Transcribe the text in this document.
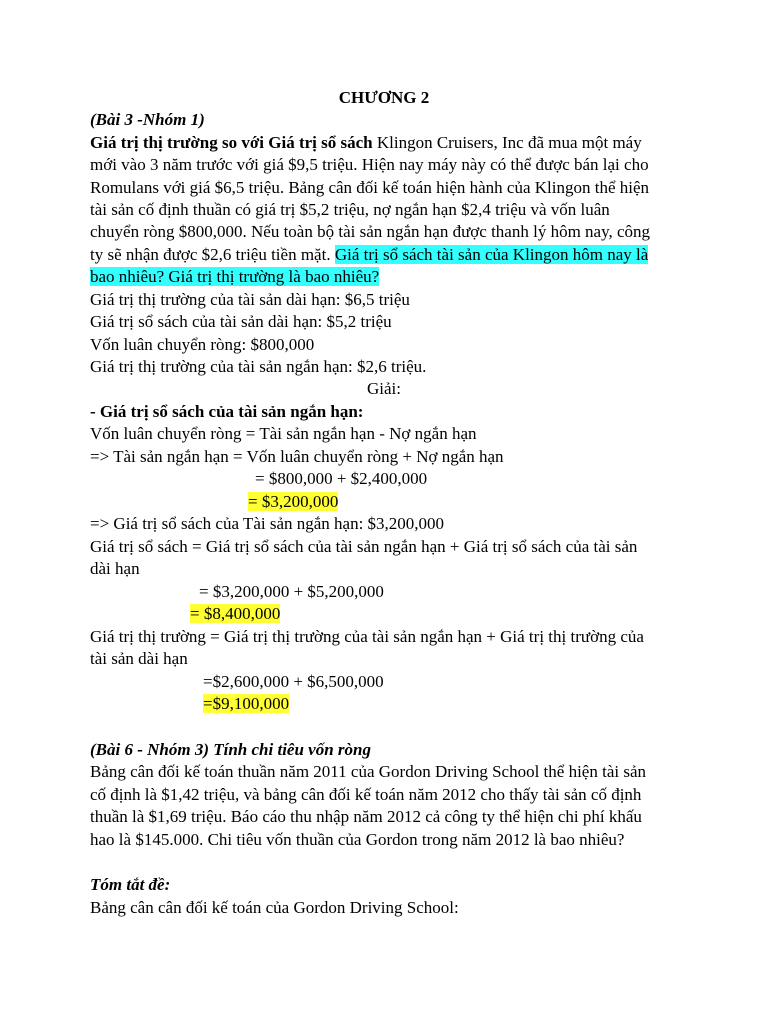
CHƯƠNG 2
(Bài 3 -Nhóm 1)
Giá trị thị trường so với Giá trị sổ sách Klingon Cruisers, Inc đã mua một máy
mới vào 3 năm trước với giá $9,5 triệu. Hiện nay máy này có thể được bán lại cho
Romulans với giá $6,5 triệu. Bảng cân đối kế toán hiện hành của Klingon thể hiện
tài sản cố định thuần có giá trị $5,2 triệu, nợ ngắn hạn $2,4 triệu và vốn luân
chuyển ròng $800,000. Nếu toàn bộ tài sản ngắn hạn được thanh lý hôm nay, công
ty sẽ nhận được $2,6 triệu tiền mặt. Giá trị sổ sách tài sản của Klingon hôm nay là
bao nhiêu? Giá trị thị trường là bao nhiêu?
Giá trị thị trường của tài sản dài hạn: $6,5 triệu
Giá trị sổ sách của tài sản dài hạn: $5,2 triệu
Vốn luân chuyển ròng: $800,000
Giá trị thị trường của tài sản ngắn hạn: $2,6 triệu.
Giải:
- Giá trị sổ sách của tài sản ngắn hạn:
Vốn luân chuyển ròng = Tài sản ngắn hạn - Nợ ngắn hạn
=> Tài sản ngắn hạn = Vốn luân chuyển ròng + Nợ ngắn hạn
= $800,000 + $2,400,000
= $3,200,000
=> Giá trị sổ sách của Tài sản ngắn hạn: $3,200,000
Giá trị sổ sách = Giá trị sổ sách của tài sản ngắn hạn + Giá trị sổ sách của tài sản
dài hạn
= $3,200,000 + $5,200,000
= $8,400,000
Giá trị thị trường = Giá trị thị trường của tài sản ngắn hạn + Giá trị thị trường của
tài sản dài hạn
=$2,600,000 + $6,500,000
=$9,100,000
(Bài 6 - Nhóm 3) Tính chi tiêu vốn ròng
Bảng cân đối kế toán thuần năm 2011 của Gordon Driving School thể hiện tài sản
cố định là $1,42 triệu, và bảng cân đối kế toán năm 2012 cho thấy tài sản cố định
thuần là $1,69 triệu. Báo cáo thu nhập năm 2012 cả công ty thể hiện chi phí khấu
hao là $145.000. Chi tiêu vốn thuần của Gordon trong năm 2012 là bao nhiêu?
Tóm tắt đề:
Bảng cân cân đối kế toán của Gordon Driving School:
